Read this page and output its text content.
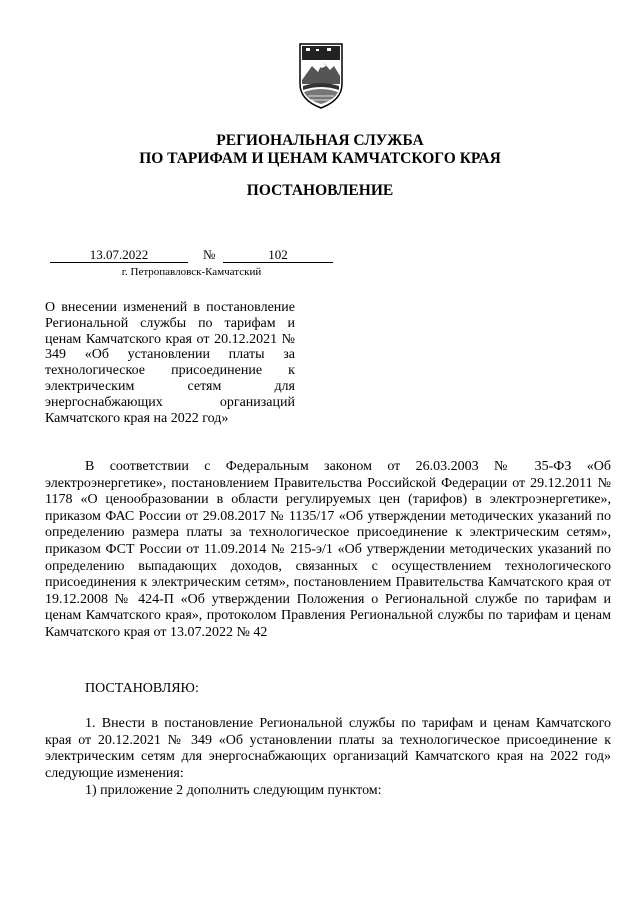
РЕГИОНАЛЬНАЯ СЛУЖБА
ПО ТАРИФАМ И ЦЕНАМ КАМЧАТСКОГО КРАЯ
ПОСТАНОВЛЕНИЕ
13.07.2022	№	102
г. Петропавловск-Камчатский
О внесении изменений в постановление Региональной службы по тарифам и ценам Камчатского края от 20.12.2021 № 349 «Об установлении платы за технологическое присоединение к электрическим сетям для энергоснабжающих организаций Камчатского края на 2022 год»

В соответствии с Федеральным законом от 26.03.2003 № 35-ФЗ «Об электроэнергетике», постановлением Правительства Российской Федерации от 29.12.2011 № 1178 «О ценообразовании в области регулируемых цен (тарифов) в электроэнергетике», приказом ФАС России от 29.08.2017 № 1135/17 «Об утверждении методических указаний по определению размера платы за технологическое присоединение к электрическим сетям», приказом ФСТ России от 11.09.2014 № 215-э/1 «Об утверждении методических указаний по определению выпадающих доходов, связанных с осуществлением технологического присоединения к электрическим сетям», постановлением Правительства Камчатского края от 19.12.2008 № 424-П «Об утверждении Положения о Региональной службе по тарифам и ценам Камчатского края», протоколом Правления Региональной службы по тарифам и ценам Камчатского края от 13.07.2022 № 42

ПОСТАНОВЛЯЮ:

1. Внести в постановление Региональной службы по тарифам и ценам Камчатского края от 20.12.2021 № 349 «Об установлении платы за технологическое присоединение к электрическим сетям для энергоснабжающих организаций Камчатского края на 2022 год» следующие изменения:

1) приложение 2 дополнить следующим пунктом:
